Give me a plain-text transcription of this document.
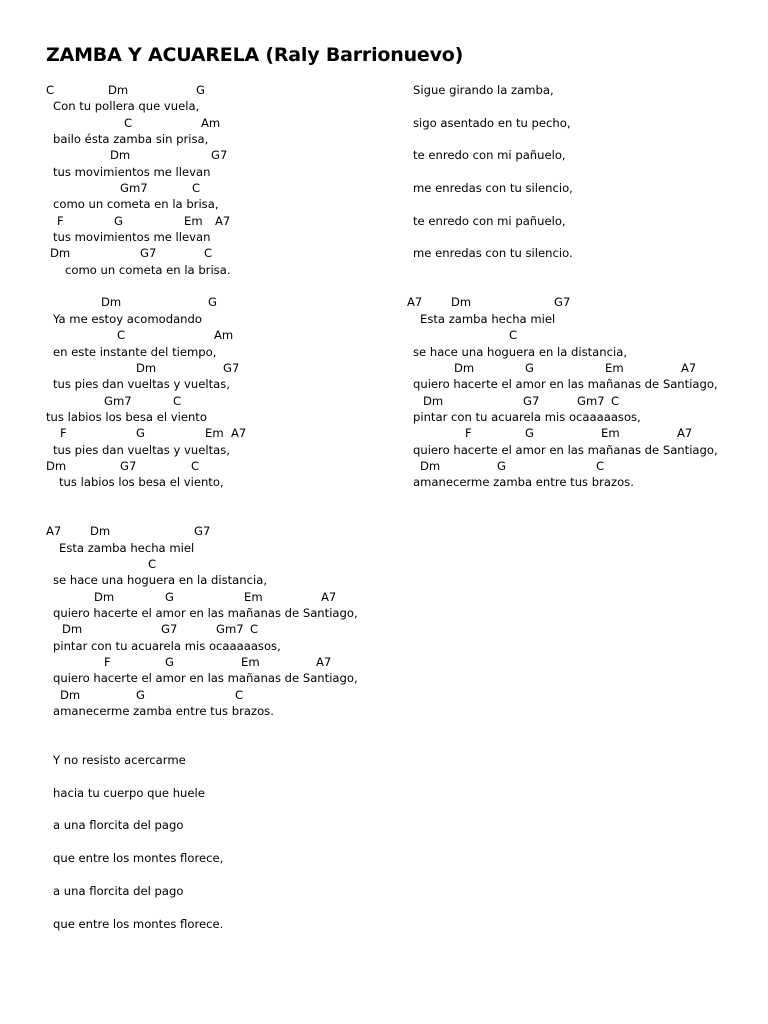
ZAMBA Y ACUARELA (Raly Barrionuevo)
C	Dm	G
Con tu pollera que vuela,
C	Am
bailo ésta zamba sin prisa,
Dm	G7
tus movimientos me llevan
Gm7	C
como un cometa en la brisa,
F	G	Em A7
tus movimientos me llevan
Dm	G7	C
como un cometa en la brisa.
Dm	G
Ya me estoy acomodando
C	Am
en este instante del tiempo,
Dm	G7
tus pies dan vueltas y vueltas,
Gm7	C
tus labios los besa el viento
F	G	Em A7
tus pies dan vueltas y vueltas,
Dm	G7	C
tus labios los besa el viento,
A7 Dm	G7
Esta zamba hecha miel
C
se hace una hoguera en la distancia,
Dm	G	Em	A7
quiero hacerte el amor en las mañanas de Santiago,
Dm	G7	Gm7 C
pintar con tu acuarela mis ocaaaaasos,
F	G	Em	A7
quiero hacerte el amor en las mañanas de Santiago,
Dm	G	C
amanecerme zamba entre tus brazos.
Y no resisto acercarme
hacia tu cuerpo que huele
a una florcita del pago
que entre los montes florece,
a una florcita del pago
que entre los montes florece.
Sigue girando la zamba,
sigo asentado en tu pecho,
te enredo con mi pañuelo,
me enredas con tu silencio,
te enredo con mi pañuelo,
me enredas con tu silencio.
A7 Dm	G7
Esta zamba hecha miel
C
se hace una hoguera en la distancia,
Dm	G	Em	A7
quiero hacerte el amor en las mañanas de Santiago,
Dm	G7	Gm7 C
pintar con tu acuarela mis ocaaaaasos,
F	G	Em	A7
quiero hacerte el amor en las mañanas de Santiago,
Dm	G	C
amanecerme zamba entre tus brazos.
